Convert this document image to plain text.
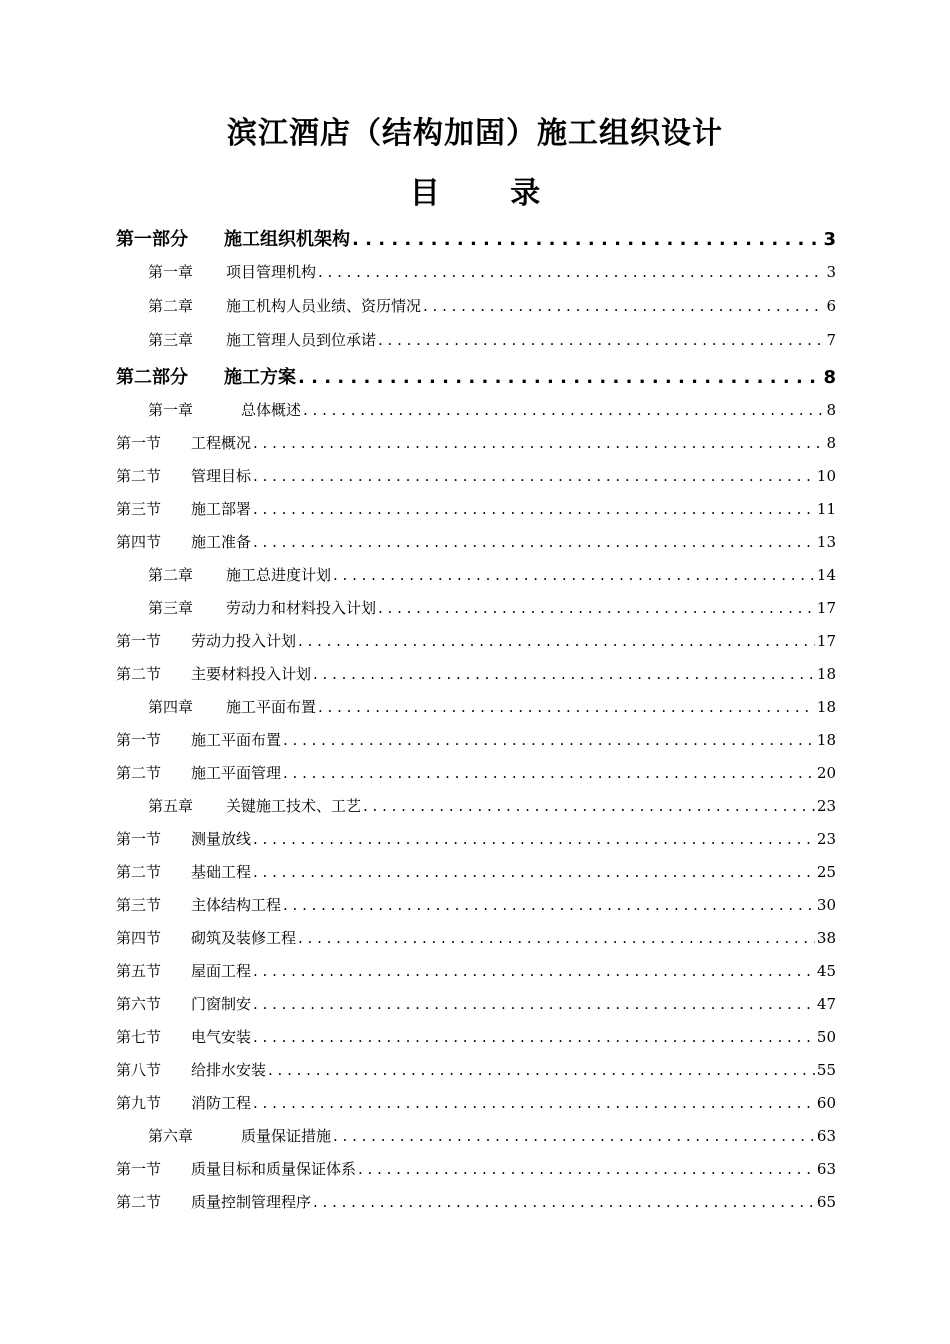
滨江酒店（结构加固）施工组织设计
目 录
第一部分	施工组织机架构 . . .	3
第一章	项目管理机构 . . .	3
第二章	施工机构人员业绩、资历情况 . . .	6
第三章	施工管理人员到位承诺 . . .	7
第二部分	施工方案 . . .	8
第一章	　总体概述 . . .	8
第一节	工程概况 . . .	8
第二节	管理目标 . . .	10
第三节	施工部署 . . .	11
第四节	施工准备 . . .	13
第二章	施工总进度计划 . . .	14
第三章	劳动力和材料投入计划 . . .	17
第一节	劳动力投入计划 . . .	17
第二节	主要材料投入计划 . . .	18
第四章	施工平面布置 . . .	18
第一节	施工平面布置 . . .	18
第二节	施工平面管理 . . .	20
第五章	关键施工技术、工艺 . . .	23
第一节	测量放线 . . .	23
第二节	基础工程 . . .	25
第三节	主体结构工程 . . .	30
第四节	砌筑及装修工程 . . .	38
第五节	屋面工程 . . .	45
第六节	门窗制安 . . .	47
第七节	电气安装 . . .	50
第八节	给排水安装 . . .	55
第九节	消防工程 . . .	60
第六章	　质量保证措施 . . .	63
第一节	质量目标和质量保证体系 . . .	63
第二节	质量控制管理程序 . . .	65
